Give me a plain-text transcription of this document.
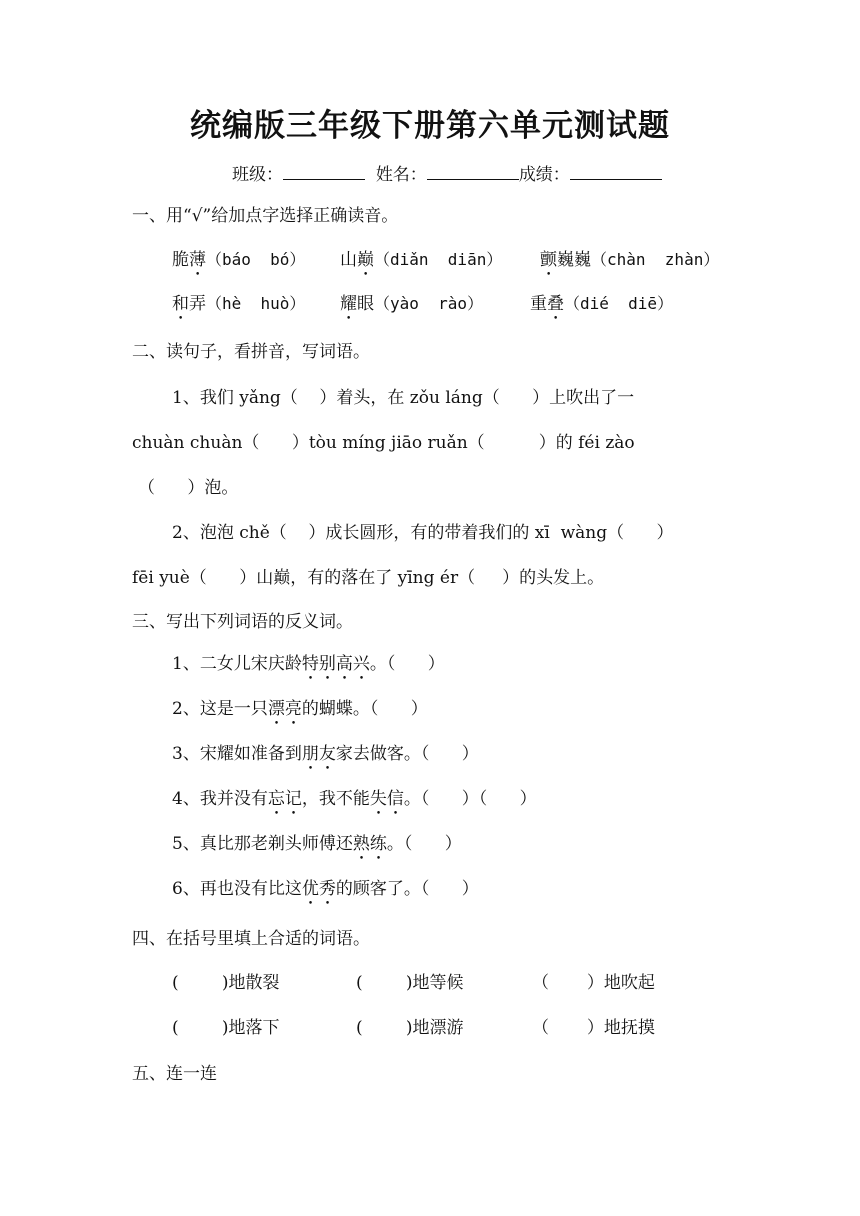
统编版三年级下册第六单元测试题
班级：	姓名：	成绩：
一、用“√”给加点字选择正确读音。
脆薄（báo  bó） 山巅（diǎn  diān） 颤巍巍（chàn  zhàn）
和弄（hè  huò） 耀眼（yào  rào）	重叠（dié  diē）
二、读句子，看拼音，写词语。
1、我们 yǎng（    ）着头，在 zǒu láng（      ）上吹出了一
chuàn chuàn（      ）tòu míng jiāo ruǎn（          ）的 féi zào
（      ）泡。
2、泡泡 chě（    ）成长圆形，有的带着我们的 xī  wàng（      ）
fēi yuè（      ）山巅，有的落在了 yīng ér（     ）的头发上。
三、写出下列词语的反义词。
1、二女儿宋庆龄特别高兴。（      ）
2、这是一只漂亮的蝴蝶。（      ）
3、宋耀如准备到朋友家去做客。（      ）
4、我并没有忘记，我不能失信。（      ）（      ）
5、真比那老剃头师傅还熟练。（      ）
6、再也没有比这优秀的顾客了。（      ）
四、在括号里填上合适的词语。
(        )地散裂	(        )地等候	（       ）地吹起
(        )地落下	(        )地漂游	（       ）地抚摸
五、连一连
